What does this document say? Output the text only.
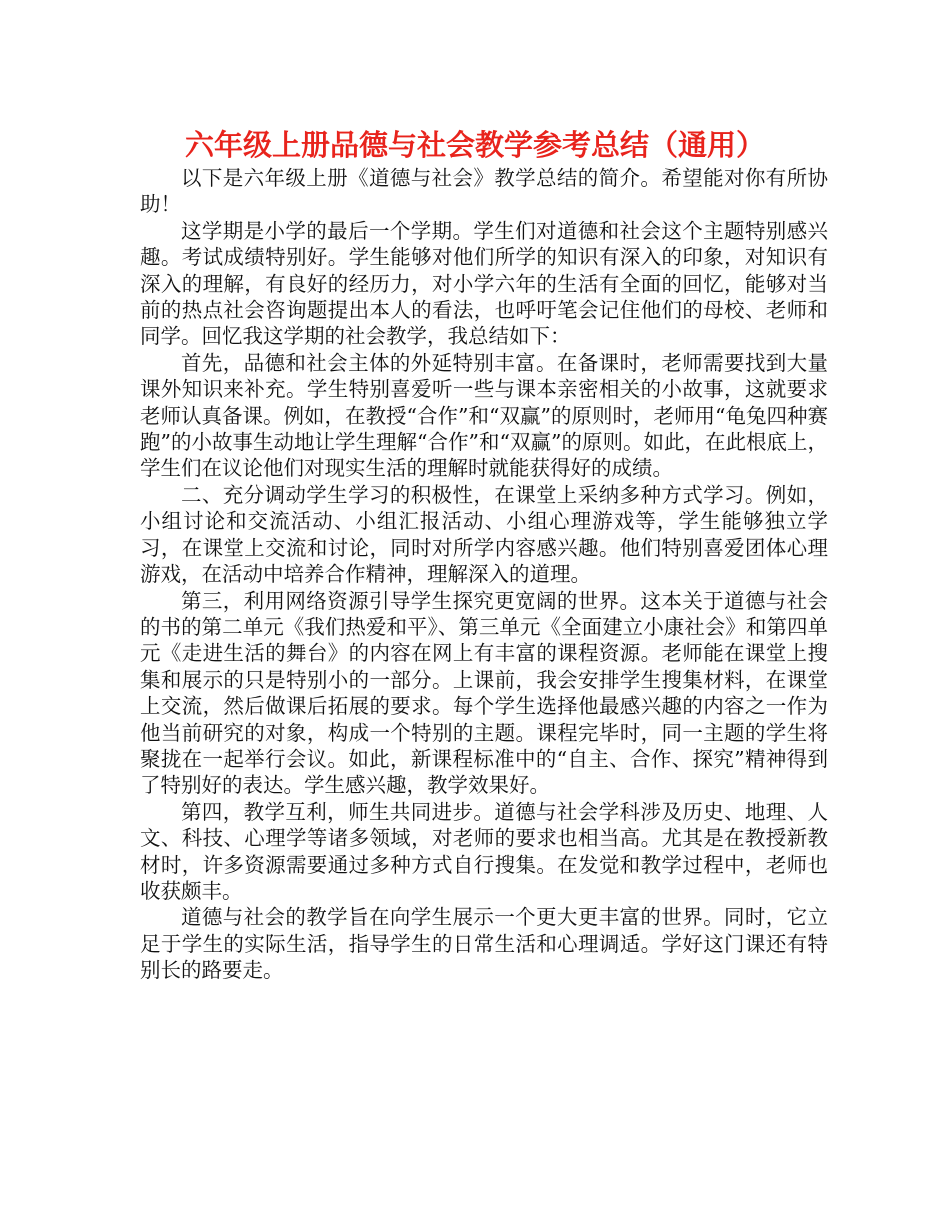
六年级上册品德与社会教学参考总结（通用）

以下是六年级上册《道德与社会》教学总结的简介。希望能对你有所协助！

这学期是小学的最后一个学期。学生们对道德和社会这个主题特别感兴趣。考试成绩特别好。学生能够对他们所学的知识有深入的印象，对知识有深入的理解，有良好的经历力，对小学六年的生活有全面的回忆，能够对当前的热点社会咨询题提出本人的看法，也呼吁笔会记住他们的母校、老师和同学。回忆我这学期的社会教学，我总结如下：

首先，品德和社会主体的外延特别丰富。在备课时，老师需要找到大量课外知识来补充。学生特别喜爱听一些与课本亲密相关的小故事，这就要求老师认真备课。例如，在教授“合作”和“双赢”的原则时，老师用“龟兔四种赛跑”的小故事生动地让学生理解“合作”和“双赢”的原则。如此，在此根底上，学生们在议论他们对现实生活的理解时就能获得好的成绩。

二、充分调动学生学习的积极性，在课堂上采纳多种方式学习。例如，小组讨论和交流活动、小组汇报活动、小组心理游戏等，学生能够独立学习，在课堂上交流和讨论，同时对所学内容感兴趣。他们特别喜爱团体心理游戏，在活动中培养合作精神，理解深入的道理。

第三，利用网络资源引导学生探究更宽阔的世界。这本关于道德与社会的书的第二单元《我们热爱和平》、第三单元《全面建立小康社会》和第四单元《走进生活的舞台》的内容在网上有丰富的课程资源。老师能在课堂上搜集和展示的只是特别小的一部分。上课前，我会安排学生搜集材料，在课堂上交流，然后做课后拓展的要求。每个学生选择他最感兴趣的内容之一作为他当前研究的对象，构成一个特别的主题。课程完毕时，同一主题的学生将聚拢在一起举行会议。如此，新课程标准中的“自主、合作、探究”精神得到了特别好的表达。学生感兴趣，教学效果好。

第四，教学互利，师生共同进步。道德与社会学科涉及历史、地理、人文、科技、心理学等诸多领域，对老师的要求也相当高。尤其是在教授新教材时，许多资源需要通过多种方式自行搜集。在发觉和教学过程中，老师也收获颇丰。

道德与社会的教学旨在向学生展示一个更大更丰富的世界。同时，它立足于学生的实际生活，指导学生的日常生活和心理调适。学好这门课还有特别长的路要走。
